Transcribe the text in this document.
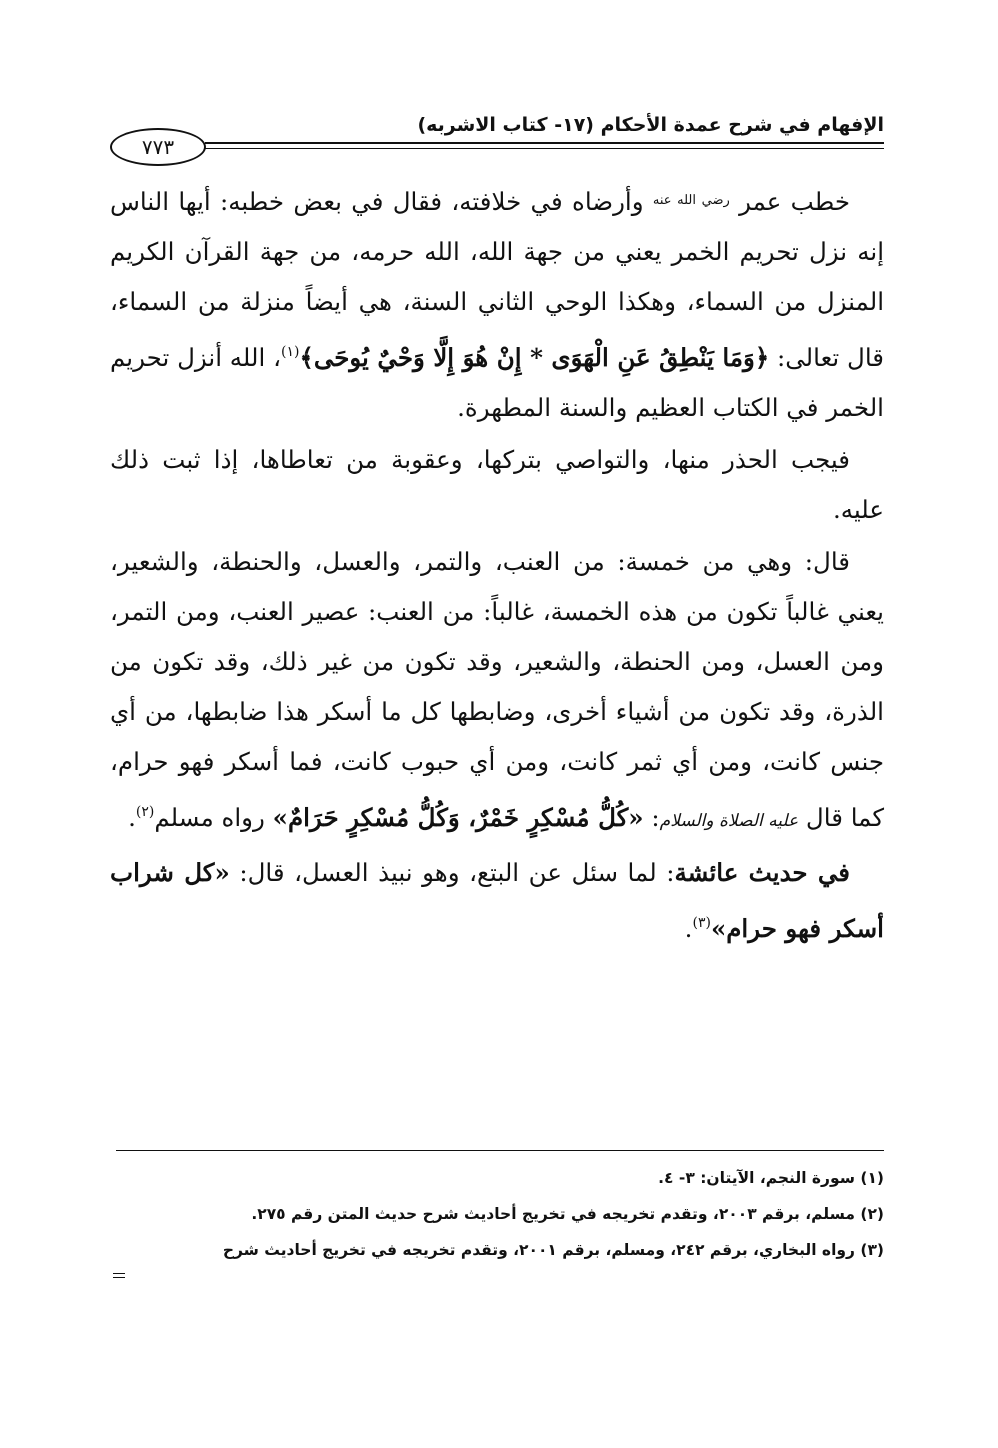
الإفهام في شرح عمدة الأحكام (١٧- كتاب الاشربه)
٧٧٣

خطب عمر $^{رضي الله عنه}$ وأرضاه في خلافته، فقال في بعض خطبه: أيها الناس إنه نزل تحريم الخمر يعني من جهة الله، الله حرمه، من جهة القرآن الكريم المنزل من السماء، وهكذا الوحي الثاني السنة، هي أيضاً منزلة من السماء، قال تعالى: ﴿وَمَا يَنْطِقُ عَنِ الْهَوَى * إِنْ هُوَ إِلَّا وَحْيٌ يُوحَى﴾$^{(١)}$، الله أنزل تحريم الخمر في الكتاب العظيم والسنة المطهرة.

فيجب الحذر منها، والتواصي بتركها، وعقوبة من تعاطاها، إذا ثبت ذلك عليه.

قال: وهي من خمسة: من العنب، والتمر، والعسل، والحنطة، والشعير، يعني غالباً تكون من هذه الخمسة، غالباً: من العنب: عصير العنب، ومن التمر، ومن العسل، ومن الحنطة، والشعير، وقد تكون من غير ذلك، وقد تكون من الذرة، وقد تكون من أشياء أخرى، وضابطها كل ما أسكر هذا ضابطها، من أي جنس كانت، ومن أي ثمر كانت، ومن أي حبوب كانت، فما أسكر فهو حرام، كما قال عليه الصلاة والسلام: «كُلُّ مُسْكِرٍ خَمْرٌ، وَكُلُّ مُسْكِرٍ حَرَامٌ» رواه مسلم$^{(٢)}$.

في حديث عائشة: لما سئل عن البتع، وهو نبيذ العسل، قال: «كل شراب أسكر فهو حرام»$^{(٣)}$.

(١) سورة النجم، الآيتان: ٣- ٤.
(٢) مسلم، برقم ٢٠٠٣، وتقدم تخريجه في تخريج أحاديث شرح حديث المتن رقم ٢٧٥.
(٣) رواه البخاري، برقم ٢٤٢، ومسلم، برقم ٢٠٠١، وتقدم تخريجه في تخريج أحاديث شرح
